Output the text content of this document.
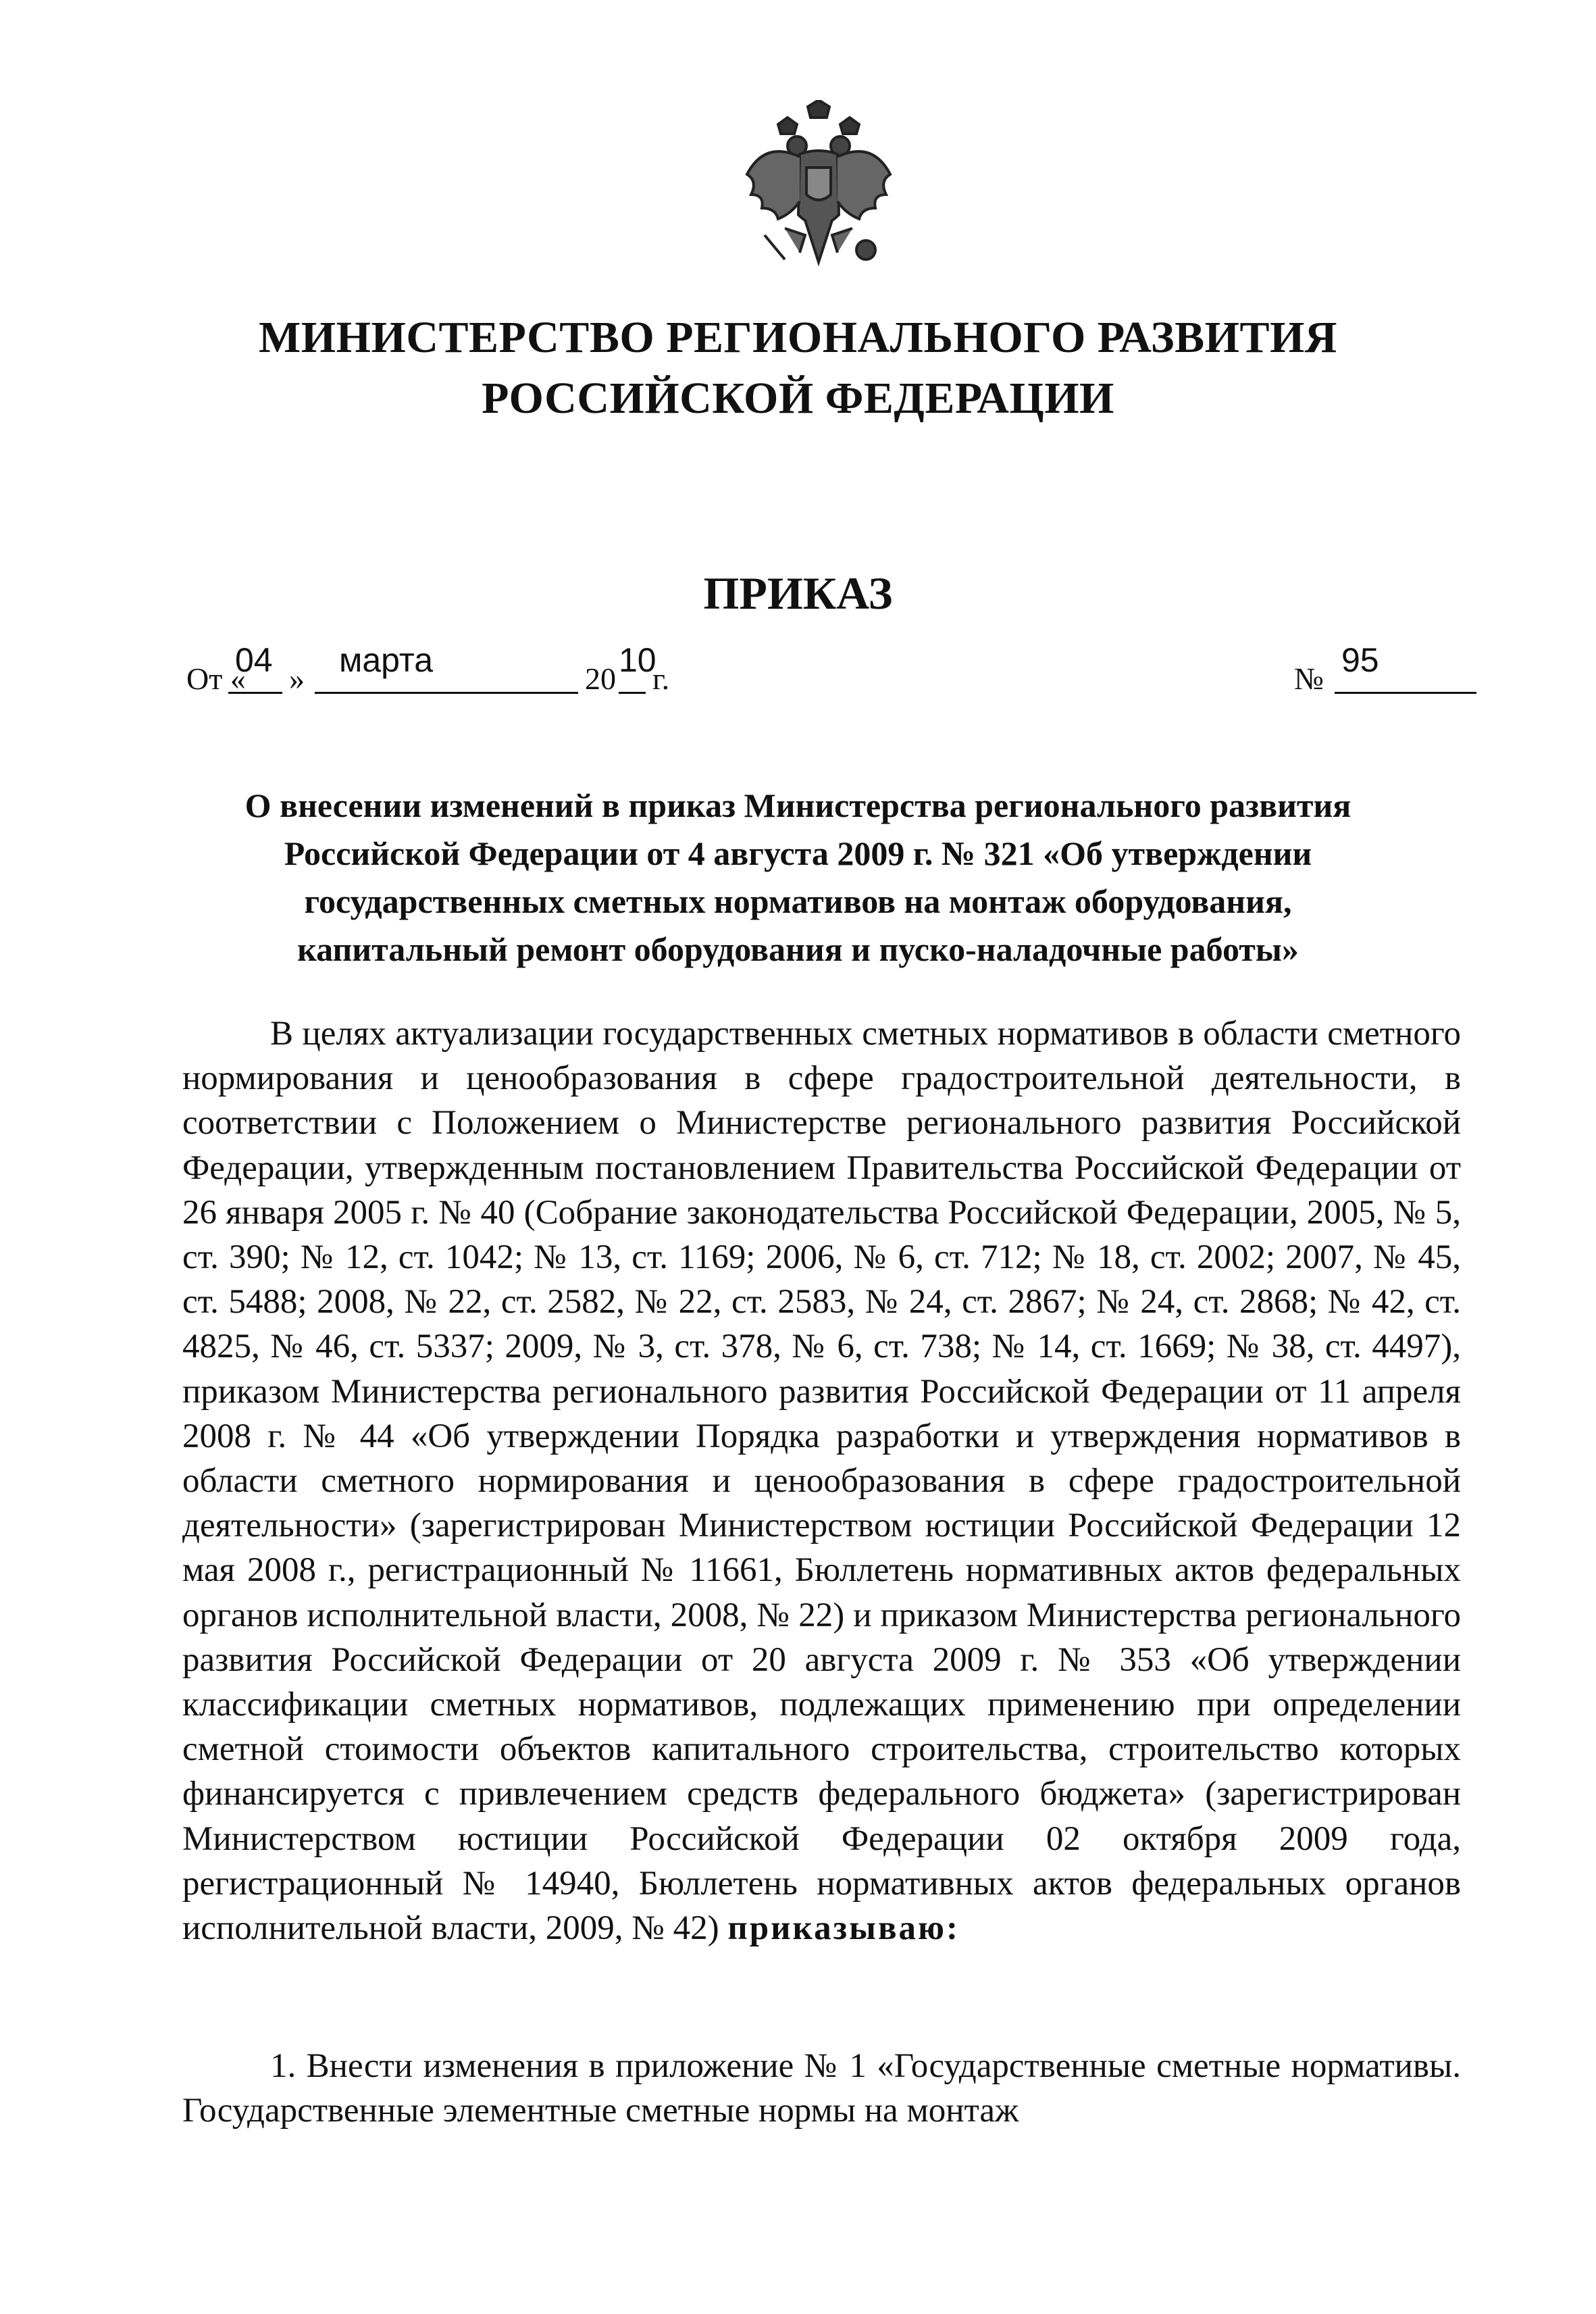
МИНИСТЕРСТВО РЕГИОНАЛЬНОГО РАЗВИТИЯ
РОССИЙСКОЙ ФЕДЕРАЦИИ
ПРИКАЗ
От «
04 » марта	20 10
г.	№ 95
О внесении изменений в приказ Министерства регионального развития
Российской Федерации от 4 августа 2009 г. № 321 «Об утверждении
государственных сметных нормативов на монтаж оборудования,
капитальный ремонт оборудования и пуско-наладочные работы»
В целях актуализации государственных сметных нормативов в области сметного нормирования и ценообразования в сфере градостроительной деятельности, в соответствии с Положением о Министерстве регионального развития Российской Федерации, утвержденным постановлением Правительства Российской Федерации от 26 января 2005 г. № 40 (Собрание законодательства Российской Федерации, 2005, № 5, ст. 390; № 12, ст. 1042; № 13, ст. 1169; 2006, № 6, ст. 712; № 18, ст. 2002; 2007, № 45, ст. 5488; 2008, № 22, ст. 2582, № 22, ст. 2583, № 24, ст. 2867; № 24, ст. 2868; № 42, ст. 4825, № 46, ст. 5337; 2009, № 3, ст. 378, № 6, ст. 738; № 14, ст. 1669; № 38, ст. 4497), приказом Министерства регионального развития Российской Федерации от 11 апреля 2008 г. № 44 «Об утверждении Порядка разработки и утверждения нормативов в области сметного нормирования и ценообразования в сфере градостроительной деятельности» (зарегистрирован Министерством юстиции Российской Федерации 12 мая 2008 г., регистрационный № 11661, Бюллетень нормативных актов федеральных органов исполнительной власти, 2008, № 22) и приказом Министерства регионального развития Российской Федерации от 20 августа 2009 г. № 353 «Об утверждении классификации сметных нормативов, подлежащих применению при определении сметной стоимости объектов капитального строительства, строительство которых финансируется с привлечением средств федерального бюджета» (зарегистрирован Министерством юстиции Российской Федерации 02 октября 2009 года, регистрационный № 14940, Бюллетень нормативных актов федеральных органов исполнительной власти, 2009, № 42) приказываю:
1. Внести изменения в приложение № 1 «Государственные сметные нормативы. Государственные элементные сметные нормы на монтаж
